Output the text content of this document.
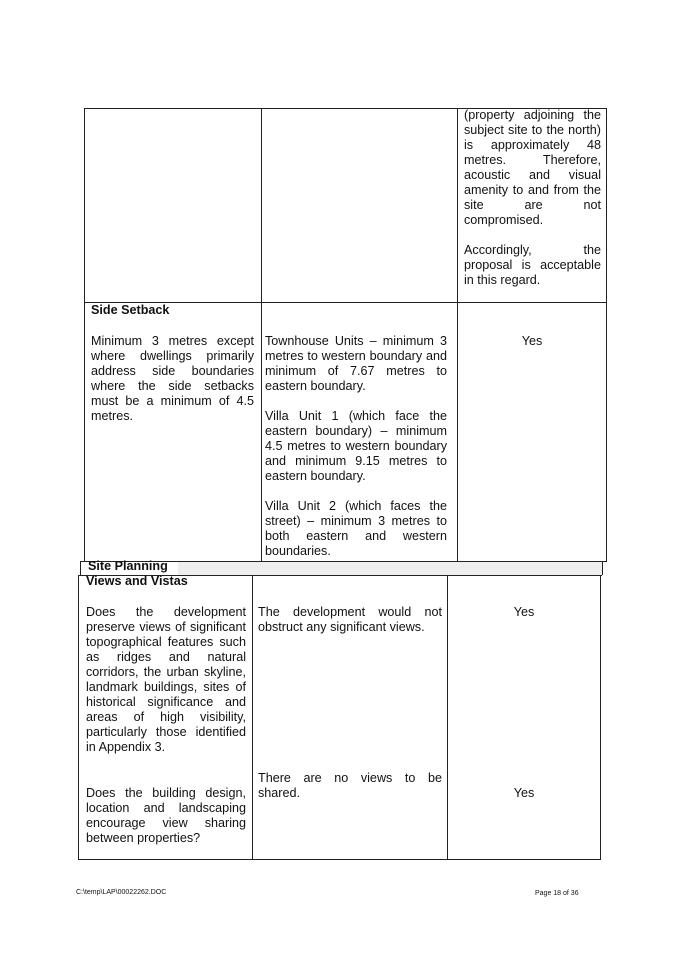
(property adjoining the subject site to the north) is approximately 48 metres. Therefore, acoustic and visual amenity to and from the site are not compromised.

Accordingly, the proposal is acceptable in this regard.

Side Setback
Minimum 3 metres except where dwellings primarily address side boundaries where the side setbacks must be a minimum of 4.5 metres.

Townhouse Units – minimum 3 metres to western boundary and minimum of 7.67 metres to eastern boundary.

Villa Unit 1 (which face the eastern boundary) – minimum 4.5 metres to western boundary and minimum 9.15 metres to eastern boundary.

Villa Unit 2 (which faces the street) – minimum 3 metres to both eastern and western boundaries.

Yes
Site Planning
Views and Vistas
Does the development preserve views of significant topographical features such as ridges and natural corridors, the urban skyline, landmark buildings, sites of historical significance and areas of high visibility, particularly those identified in Appendix 3.
The development would not obstruct any significant views.
Yes
Does the building design, location and landscaping encourage view sharing between properties?
There are no views to be shared.	Yes
C:\temp\LAP\00022262.DOC	Page 18 of 36
